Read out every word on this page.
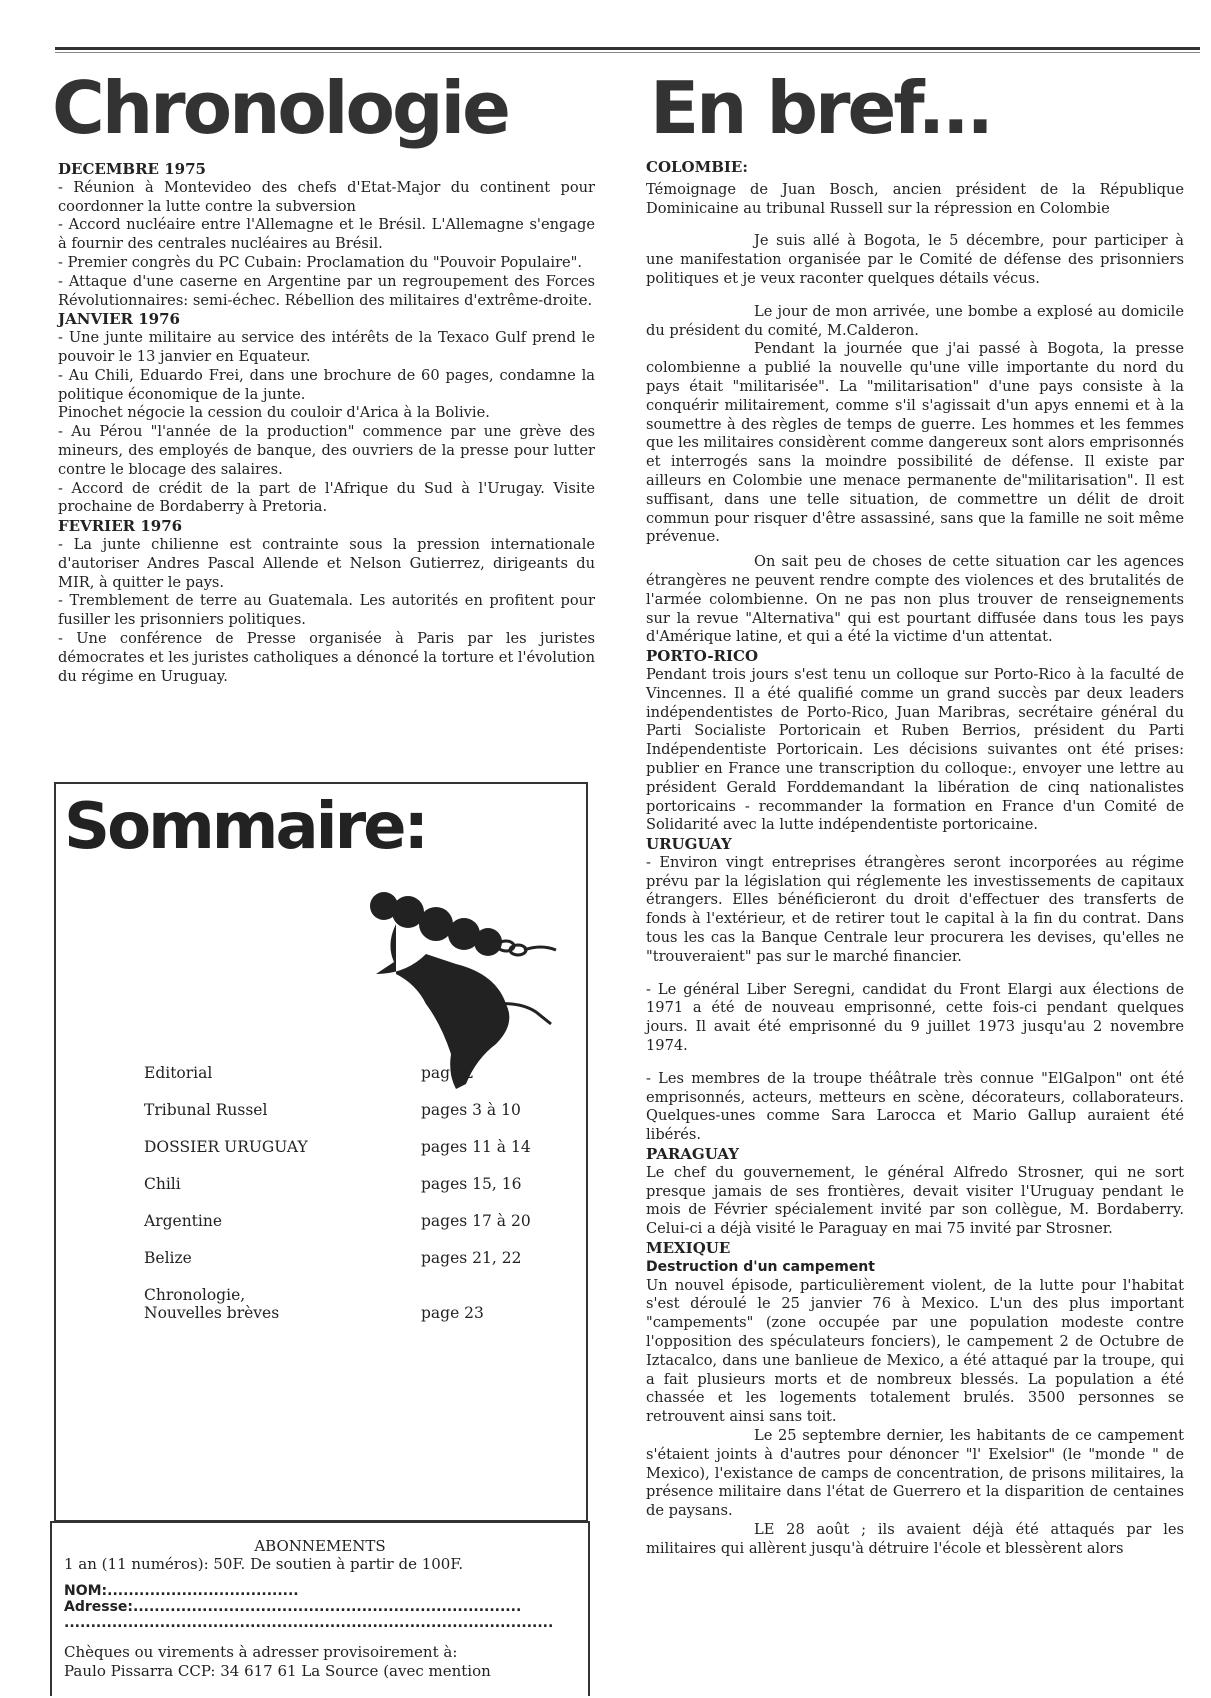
Chronologie En bref...
DECEMBRE 1975

- Réunion à Montevideo des chefs d'Etat-Major du continent pour coordonner la lutte contre la subversion

- Accord nucléaire entre l'Allemagne et le Brésil. L'Allemagne s'engage à fournir des centrales nucléaires au Brésil.

- Premier congrès du PC Cubain: Proclamation du "Pouvoir Populaire".

- Attaque d'une caserne en Argentine par un regroupement des Forces Révolutionnaires: semi-échec. Rébellion des militaires d'extrême-droite.

JANVIER 1976

- Une junte militaire au service des intérêts de la Texaco Gulf prend le pouvoir le 13 janvier en Equateur.

- Au Chili, Eduardo Frei, dans une brochure de 60 pages, condamne la politique économique de la junte.

Pinochet négocie la cession du couloir d'Arica à la Bolivie.

- Au Pérou "l'année de la production" commence par une grève des mineurs, des employés de banque, des ouvriers de la presse pour lutter contre le blocage des salaires.

- Accord de crédit de la part de l'Afrique du Sud à l'Urugay. Visite prochaine de Bordaberry à Pretoria.

FEVRIER 1976

- La junte chilienne est contrainte sous la pression internationale d'autoriser Andres Pascal Allende et Nelson Gutierrez, dirigeants du MIR, à quitter le pays.

- Tremblement de terre au Guatemala. Les autorités en profitent pour fusiller les prisonniers politiques.

- Une conférence de Presse organisée à Paris par les juristes démocrates et les juristes catholiques a dénoncé la torture et l'évolution du régime en Uruguay.

Sommaire:
Editorial	page 2
Tribunal Russel	pages 3 à 10
DOSSIER URUGUAY	pages 11 à 14
Chili	pages 15, 16
Argentine	pages 17 à 20
Belize	pages 21, 22
Chronologie,
Nouvelles brèves	page 23
ABONNEMENTS
1 an (11 numéros): 50F. De soutien à partir de 100F.
NOM:....................................
Adresse:.........................................................................
............................................................................................
Chèques ou virements à adresser provisoirement à:
Paulo Pissarra CCP: 34 617 61 La Source (avec mention
COLOMBIE:

Témoignage de Juan Bosch, ancien président de la République Dominicaine au tribunal Russell sur la répression en Colombie

Je suis allé à Bogota, le 5 décembre, pour participer à une manifestation organisée par le Comité de défense des prisonniers politiques et je veux raconter quelques détails vécus.

Le jour de mon arrivée, une bombe a explosé au domicile du président du comité, M.Calderon.

Pendant la journée que j'ai passé à Bogota, la presse colombienne a publié la nouvelle qu'une ville importante du nord du pays était "militarisée". La "militarisation" d'une pays consiste à la conquérir militairement, comme s'il s'agissait d'un apys ennemi et à la soumettre à des règles de temps de guerre. Les hommes et les femmes que les militaires considèrent comme dangereux sont alors emprisonnés et interrogés sans la moindre possibilité de défense. Il existe par ailleurs en Colombie une menace permanente de"militarisation". Il est suffisant, dans une telle situation, de commettre un délit de droit commun pour risquer d'être assassiné, sans que la famille ne soit même prévenue.

On sait peu de choses de cette situation car les agences étrangères ne peuvent rendre compte des violences et des brutalités de l'armée colombienne. On ne pas non plus trouver de renseignements sur la revue "Alternativa" qui est pourtant diffusée dans tous les pays d'Amérique latine, et qui a été la victime d'un attentat.

PORTO-RICO

Pendant trois jours s'est tenu un colloque sur Porto-Rico à la faculté de Vincennes. Il a été qualifié comme un grand succès par deux leaders indépendentistes de Porto-Rico, Juan Maribras, secrétaire général du Parti Socialiste Portoricain et Ruben Berrios, président du Parti Indépendentiste Portoricain. Les décisions suivantes ont été prises: publier en France une transcription du colloque:, envoyer une lettre au président Gerald Forddemandant la libération de cinq nationalistes portoricains - recommander la formation en France d'un Comité de Solidarité avec la lutte indépendentiste portoricaine.

URUGUAY

- Environ vingt entreprises étrangères seront incorporées au régime prévu par la législation qui réglemente les investissements de capitaux étrangers. Elles bénéficieront du droit d'effectuer des transferts de fonds à l'extérieur, et de retirer tout le capital à la fin du contrat. Dans tous les cas la Banque Centrale leur procurera les devises, qu'elles ne "trouveraient" pas sur le marché financier.

- Le général Liber Seregni, candidat du Front Elargi aux élections de 1971 a été de nouveau emprisonné, cette fois-ci pendant quelques jours. Il avait été emprisonné du 9 juillet 1973 jusqu'au 2 novembre 1974.

- Les membres de la troupe théâtrale très connue "ElGalpon" ont été emprisonnés, acteurs, metteurs en scène, décorateurs, collaborateurs. Quelques-unes comme Sara Larocca et Mario Gallup auraient été libérés.

PARAGUAY

Le chef du gouvernement, le général Alfredo Strosner, qui ne sort presque jamais de ses frontières, devait visiter l'Uruguay pendant le mois de Février spécialement invité par son collègue, M. Bordaberry. Celui-ci a déjà visité le Paraguay en mai 75 invité par Strosner.

MEXIQUE
Destruction d'un campement

Un nouvel épisode, particulièrement violent, de la lutte pour l'habitat s'est déroulé le 25 janvier 76 à Mexico. L'un des plus important "campements" (zone occupée par une population modeste contre l'opposition des spéculateurs fonciers), le campement 2 de Octubre de Iztacalco, dans une banlieue de Mexico, a été attaqué par la troupe, qui a fait plusieurs morts et de nombreux blessés. La population a été chassée et les logements totalement brulés. 3500 personnes se retrouvent ainsi sans toit.

Le 25 septembre dernier, les habitants de ce campement s'étaient joints à d'autres pour dénoncer "l' Exelsior" (le "monde " de Mexico), l'existance de camps de concentration, de prisons militaires, la présence militaire dans l'état de Guerrero et la disparition de centaines de paysans.

LE 28 août ; ils avaient déjà été attaqués par les militaires qui allèrent jusqu'à détruire l'école et blessèrent alors
